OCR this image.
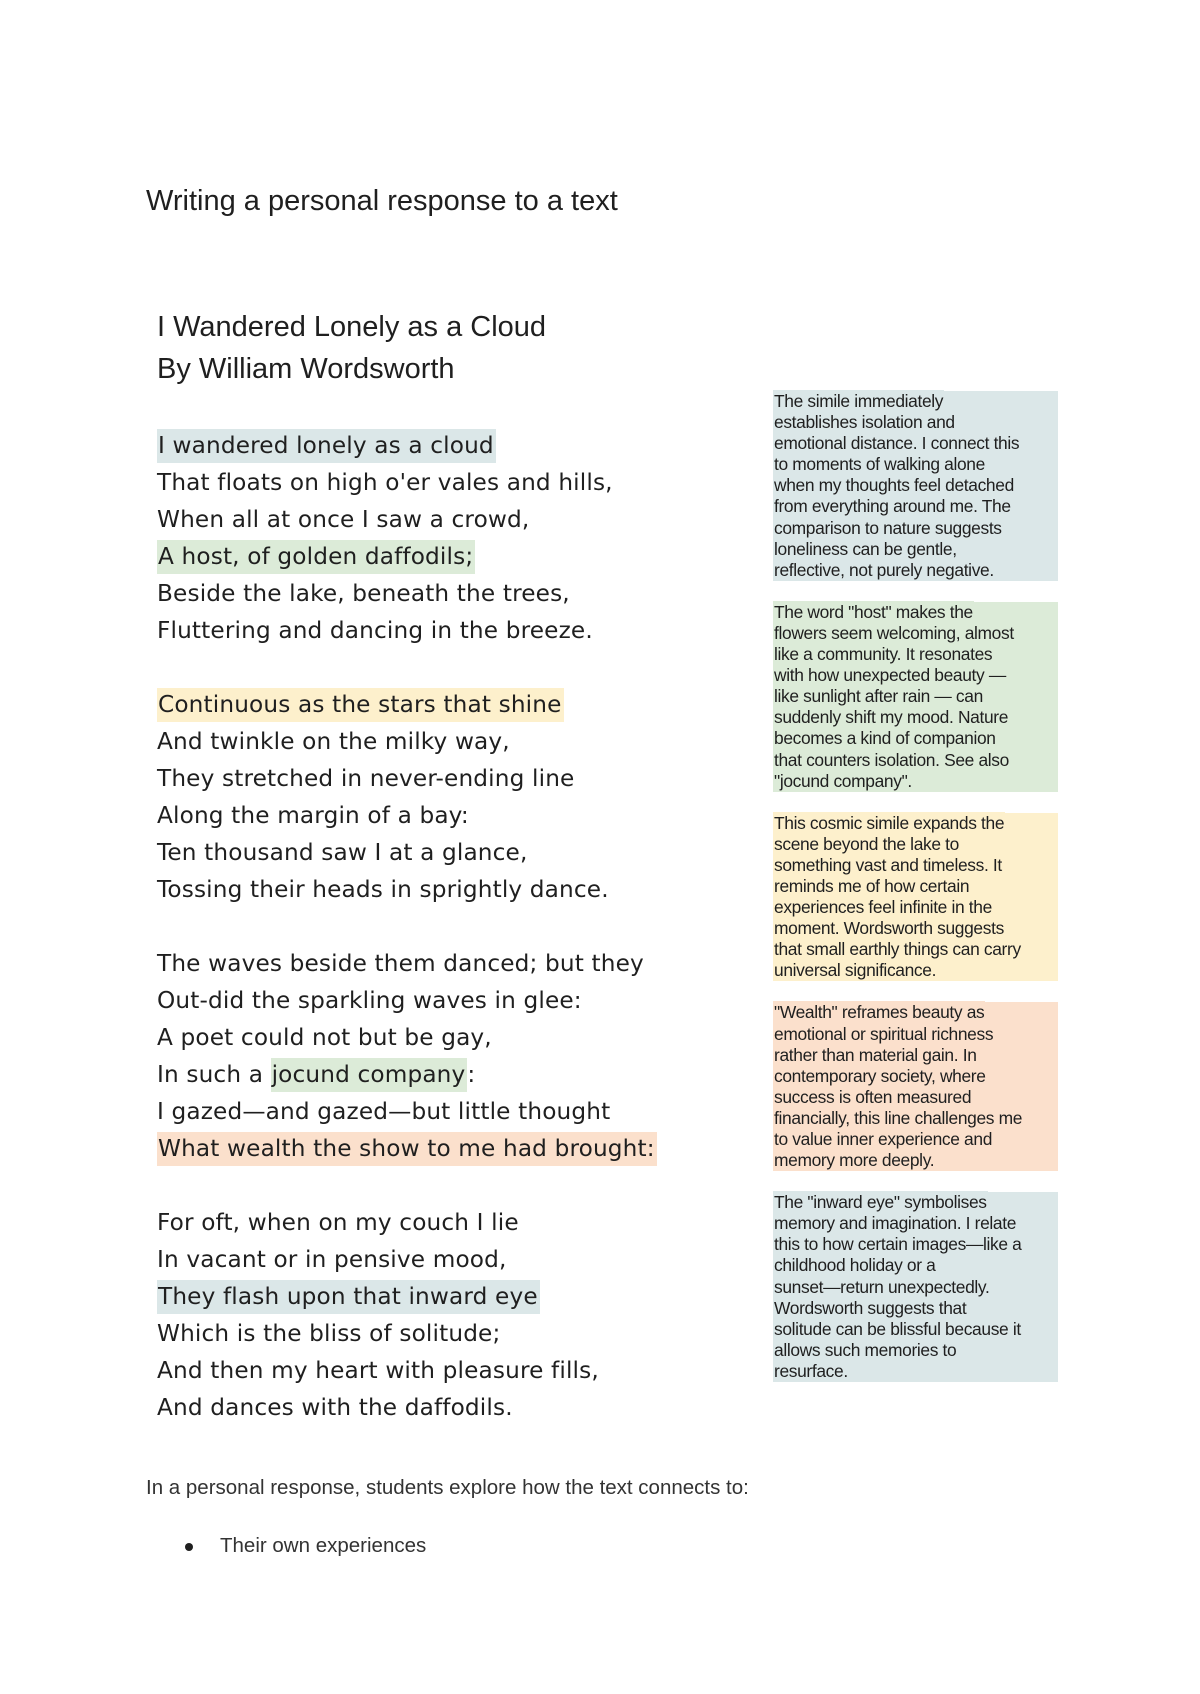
Writing a personal response to a text
I Wandered Lonely as a Cloud
By William Wordsworth
I wandered lonely as a cloud
That floats on high o'er vales and hills,
When all at once I saw a crowd,
A host, of golden daffodils;
Beside the lake, beneath the trees,
Fluttering and dancing in the breeze.
Continuous as the stars that shine
And twinkle on the milky way,
They stretched in never-ending line
Along the margin of a bay:
Ten thousand saw I at a glance,
Tossing their heads in sprightly dance.
The waves beside them danced; but they
Out-did the sparkling waves in glee:
A poet could not but be gay,
In such a jocund company:
I gazed—and gazed—but little thought
What wealth the show to me had brought:
For oft, when on my couch I lie
In vacant or in pensive mood,
They flash upon that inward eye
Which is the bliss of solitude;
And then my heart with pleasure fills,
And dances with the daffodils.
The simile immediately
establishes isolation and
emotional distance. I connect this
to moments of walking alone
when my thoughts feel detached
from everything around me. The
comparison to nature suggests
loneliness can be gentle,
reflective, not purely negative.
The word "host" makes the
flowers seem welcoming, almost
like a community. It resonates
with how unexpected beauty —
like sunlight after rain — can
suddenly shift my mood. Nature
becomes a kind of companion
that counters isolation. See also
"jocund company".
This cosmic simile expands the
scene beyond the lake to
something vast and timeless. It
reminds me of how certain
experiences feel infinite in the
moment. Wordsworth suggests
that small earthly things can carry
universal significance.
"Wealth" reframes beauty as
emotional or spiritual richness
rather than material gain. In
contemporary society, where
success is often measured
financially, this line challenges me
to value inner experience and
memory more deeply.
The "inward eye" symbolises
memory and imagination. I relate
this to how certain images—like a
childhood holiday or a
sunset—return unexpectedly.
Wordsworth suggests that
solitude can be blissful because it
allows such memories to
resurface.

In a personal response, students explore how the text connects to:

Their own experiences
